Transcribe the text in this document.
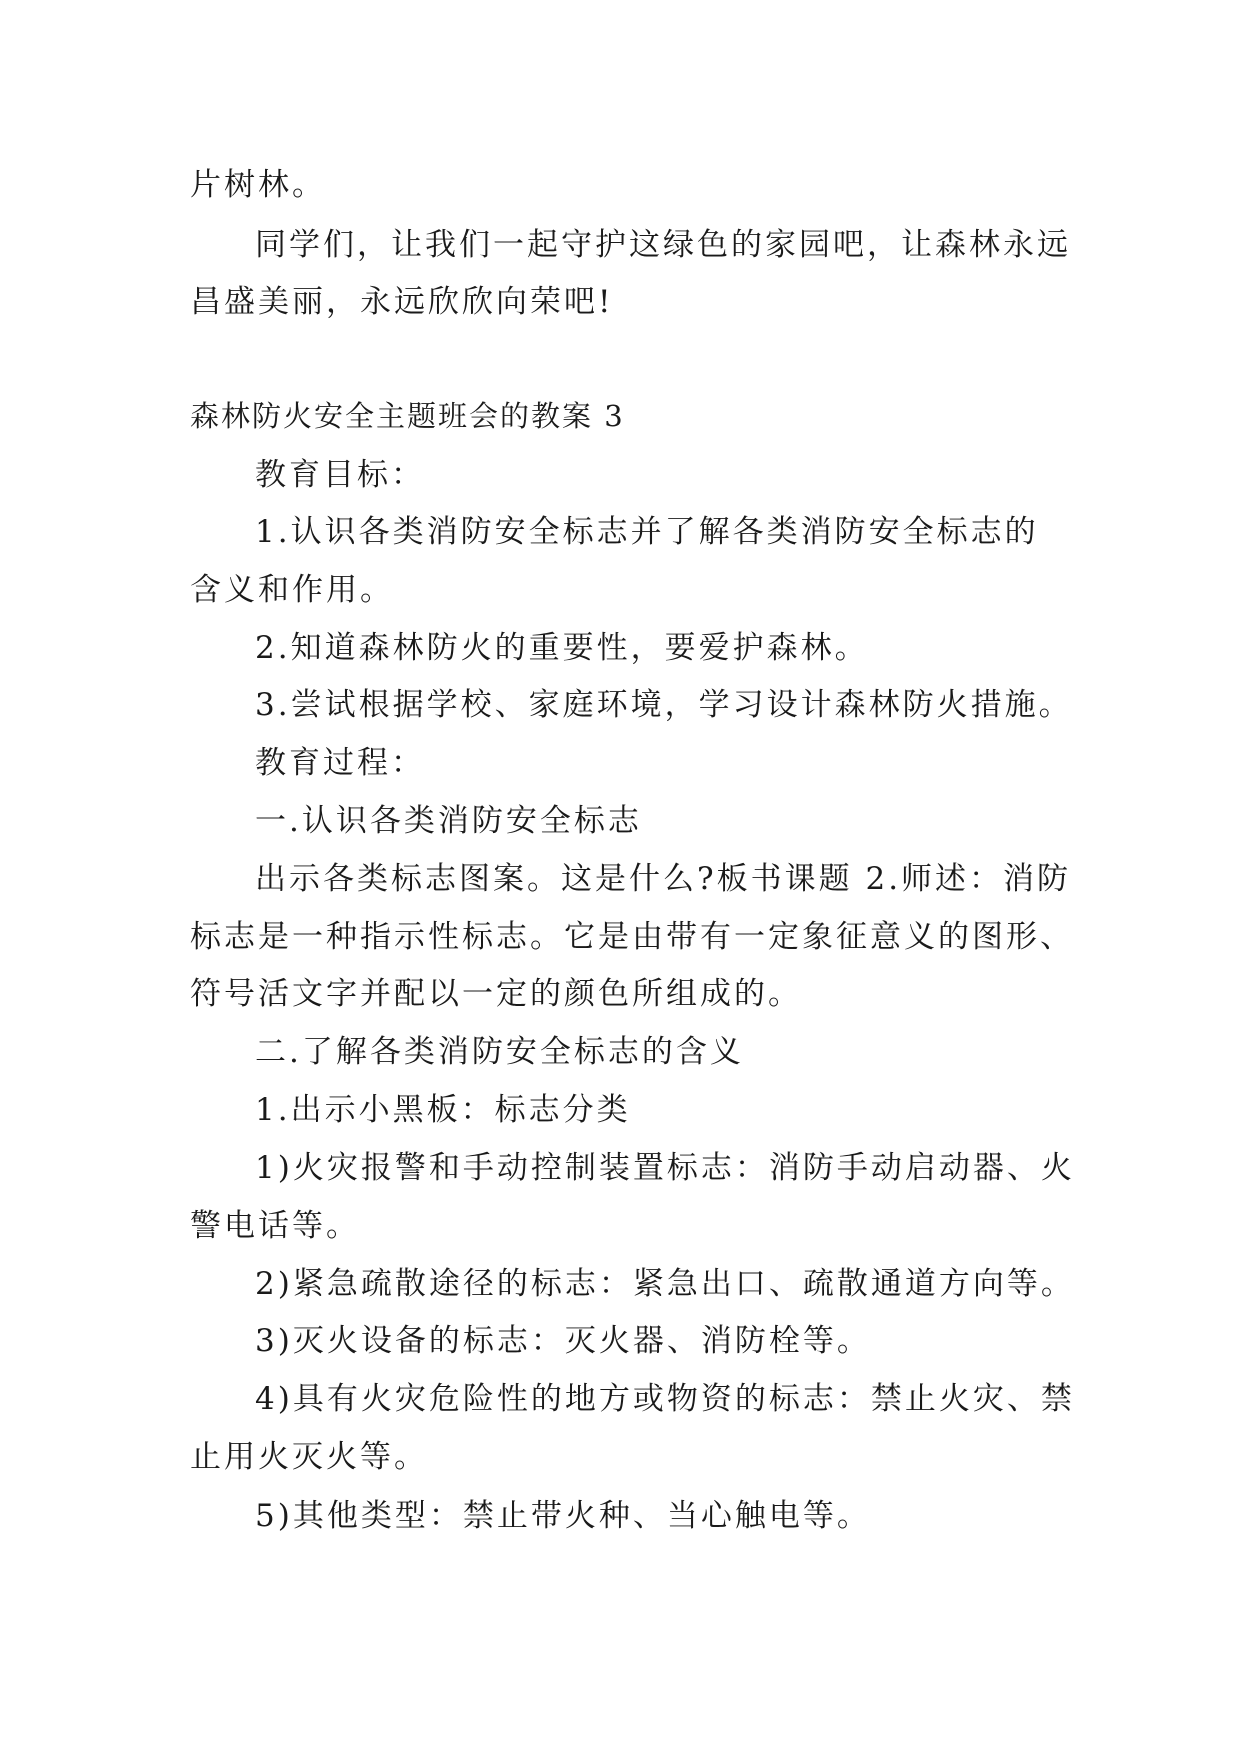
片树林。
同学们，让我们一起守护这绿色的家园吧，让森林永远
昌盛美丽，永远欣欣向荣吧!
森林防火安全主题班会的教案 3
教育目标：
1.认识各类消防安全标志并了解各类消防安全标志的
含义和作用。
2.知道森林防火的重要性，要爱护森林。
3.尝试根据学校、家庭环境，学习设计森林防火措施。
教育过程：
一.认识各类消防安全标志
出示各类标志图案。这是什么?板书课题 2.师述：消防
标志是一种指示性标志。它是由带有一定象征意义的图形、
符号活文字并配以一定的颜色所组成的。
二.了解各类消防安全标志的含义
1.出示小黑板：标志分类
1)火灾报警和手动控制装置标志：消防手动启动器、火
警电话等。
2)紧急疏散途径的标志：紧急出口、疏散通道方向等。
3)灭火设备的标志：灭火器、消防栓等。
4)具有火灾危险性的地方或物资的标志：禁止火灾、禁
止用火灭火等。
5)其他类型：禁止带火种、当心触电等。
